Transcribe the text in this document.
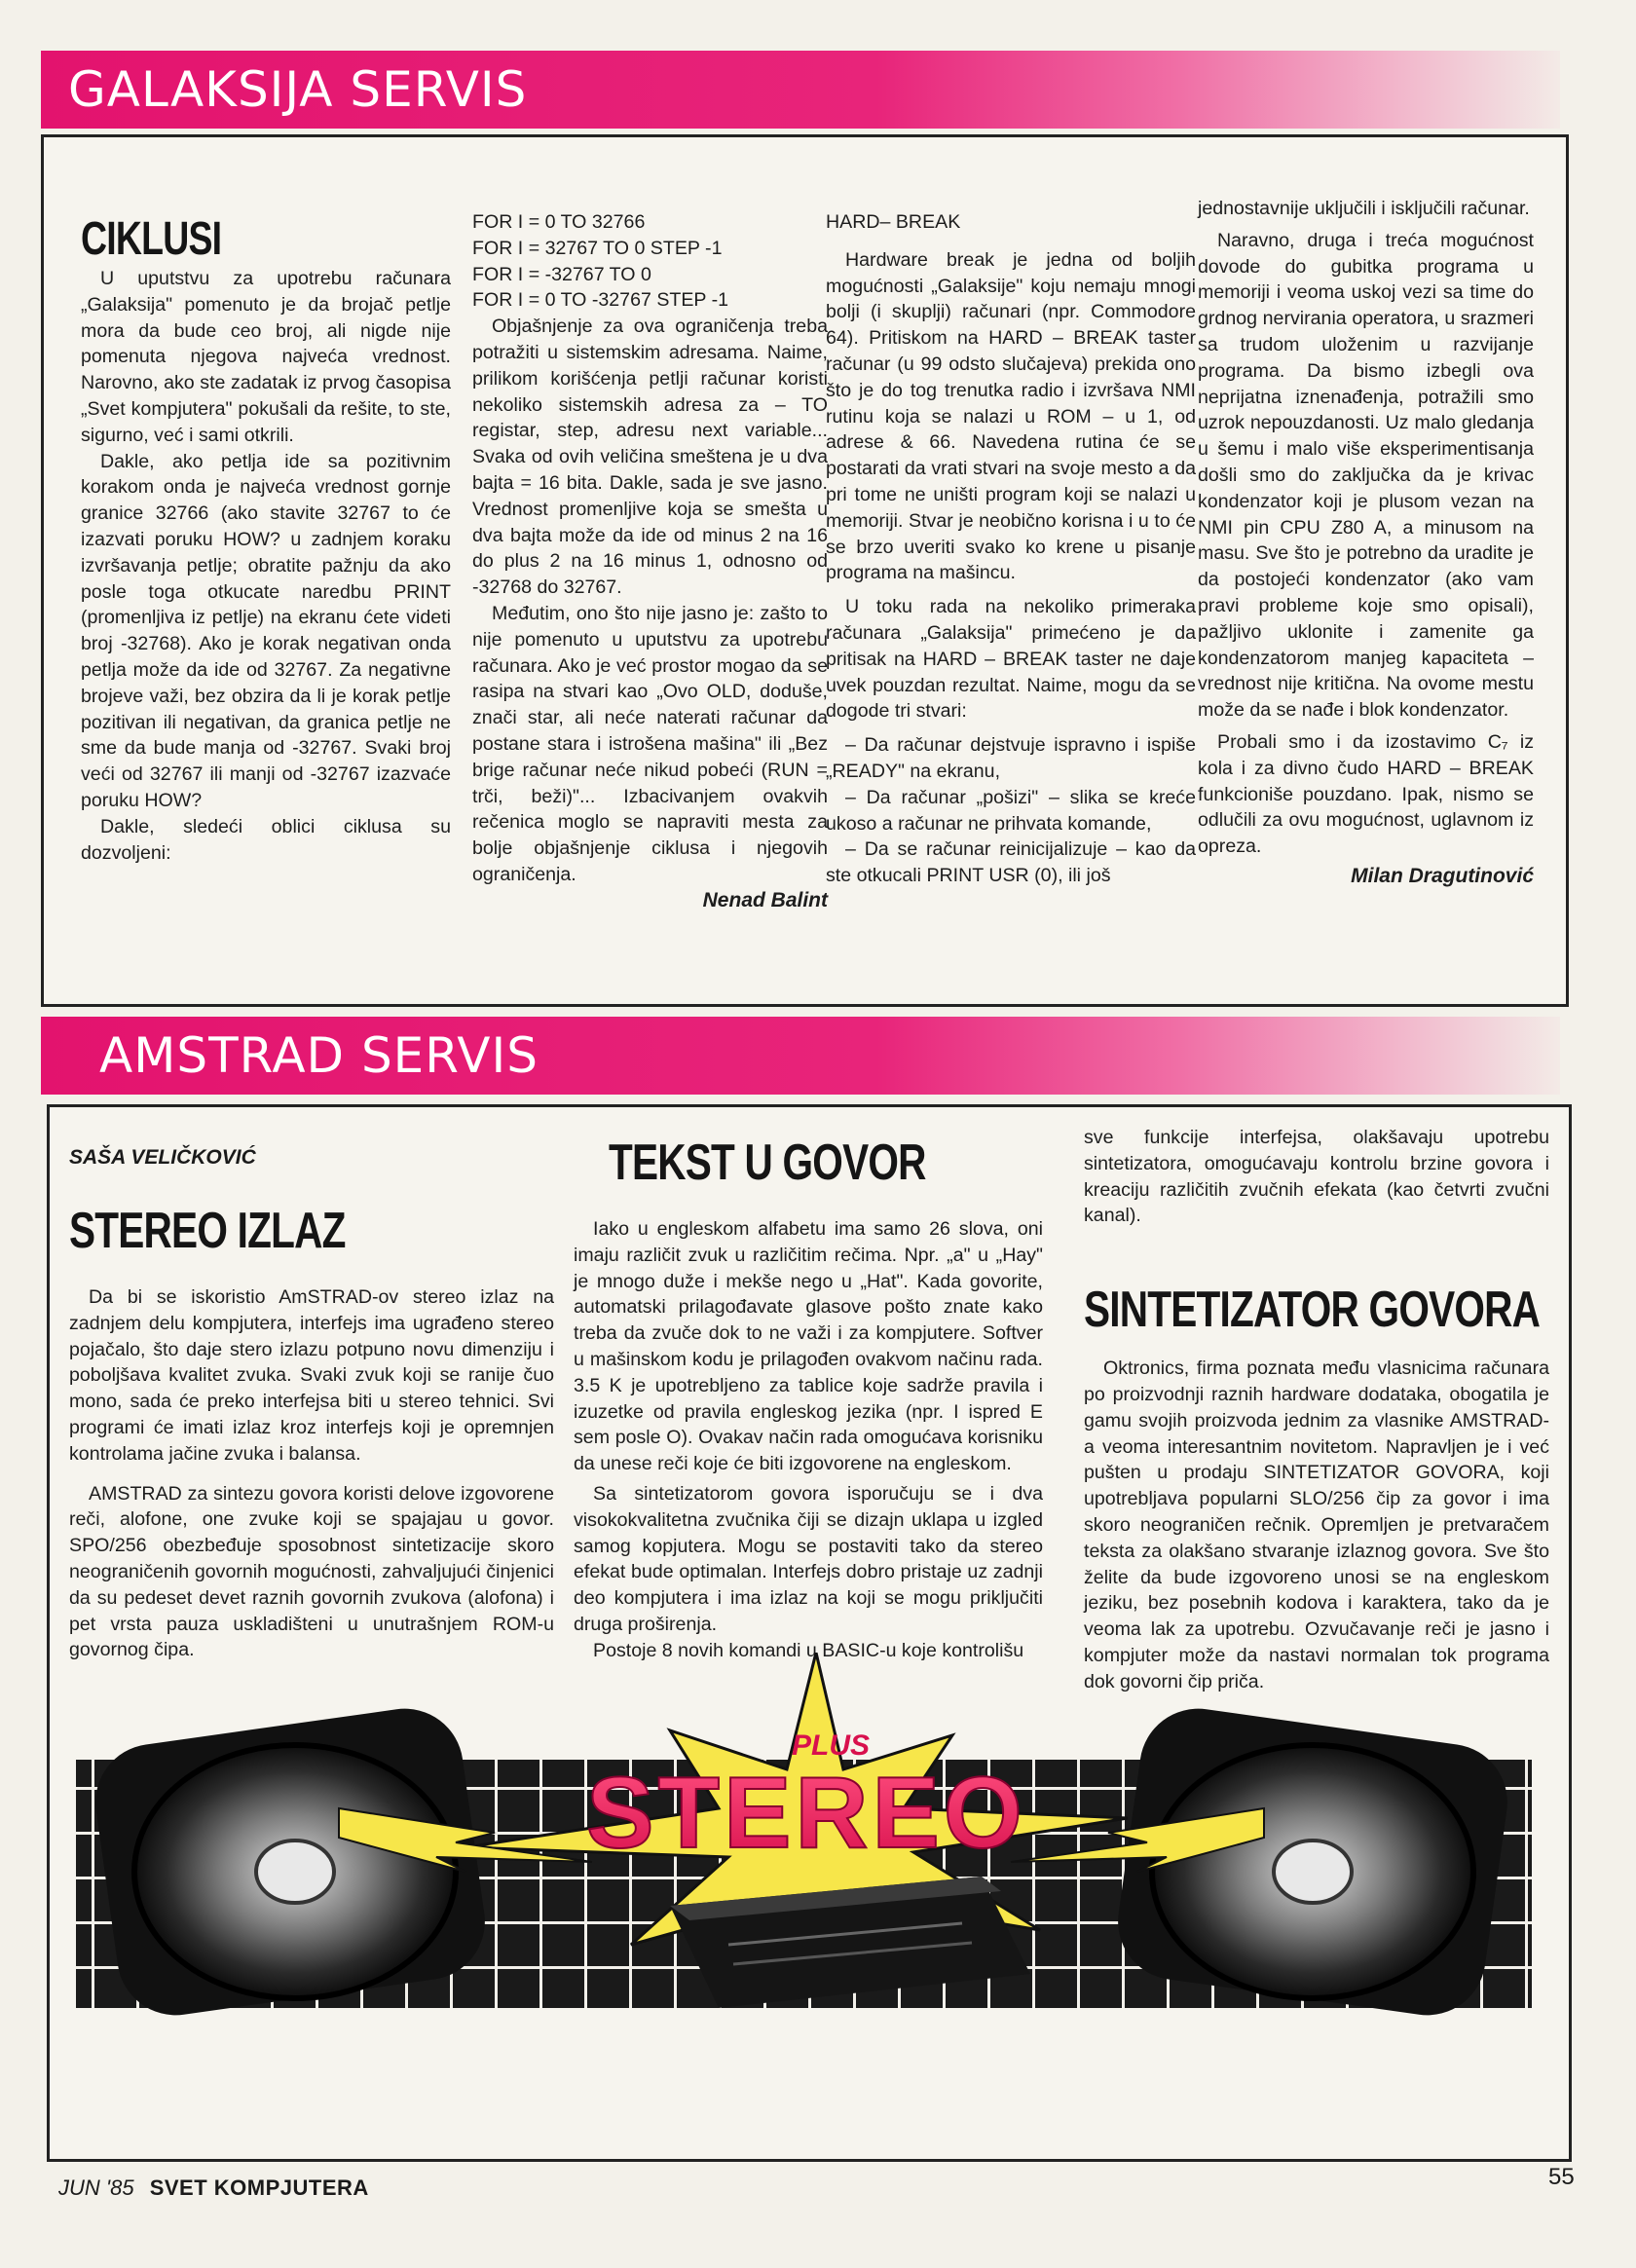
GALAKSIJA SERVIS
CIKLUSI

U uputstvu za upotrebu računara „Galaksija" pomenuto je da brojač petlje mora da bude ceo broj, ali nigde nije pomenuta njegova najveća vrednost. Narovno, ako ste zadatak iz prvog časopisa „Svet kompjutera" pokušali da rešite, to ste, sigurno, već i sami otkrili.

Dakle, ako petlja ide sa pozitivnim korakom onda je najveća vrednost gornje granice 32766 (ako stavite 32767 to će izazvati poruku HOW? u zadnjem koraku izvršavanja petlje; obratite pažnju da ako posle toga otkucate naredbu PRINT (promenljiva iz petlje) na ekranu ćete videti broj -32768). Ako je korak negativan onda petlja može da ide od 32767. Za negativne brojeve važi, bez obzira da li je korak petlje pozitivan ili negativan, da granica petlje ne sme da bude manja od -32767. Svaki broj veći od 32767 ili manji od -32767 izazvaće poruku HOW?

Dakle, sledeći oblici ciklusa su dozvoljeni:

FOR I = 0 TO 32766
FOR I = 32767 TO 0 STEP -1
FOR I = -32767 TO 0
FOR I = 0 TO -32767 STEP -1

Objašnjenje za ova ograničenja treba potražiti u sistemskim adresama. Naime, prilikom korišćenja petlji računar koristi nekoliko sistemskih adresa za – TO registar, step, adresu next variable... Svaka od ovih veličina smeštena je u dva bajta = 16 bita. Dakle, sada je sve jasno. Vrednost promenljive koja se smešta u dva bajta može da ide od minus 2 na 16 do plus 2 na 16 minus 1, odnosno od -32768 do 32767.

Međutim, ono što nije jasno je: zašto to nije pomenuto u uputstvu za upotrebu računara. Ako je već prostor mogao da se rasipa na stvari kao „Ovo OLD, doduše, znači star, ali neće naterati računar da postane stara i istrošena mašina" ili „Bez brige računar neće nikud pobeći (RUN = trči, beži)"... Izbacivanjem ovakvih rečenica moglo se napraviti mesta za bolje objašnjenje ciklusa i njegovih ograničenja.

Nenad Balint
HARD– BREAK

Hardware break je jedna od boljih mogućnosti „Galaksije" koju nemaju mnogi bolji (i skuplji) računari (npr. Commodore 64). Pritiskom na HARD – BREAK taster računar (u 99 odsto slučajeva) prekida ono što je do tog trenutka radio i izvršava NMI rutinu koja se nalazi u ROM – u 1, od adrese & 66. Navedena rutina će se postarati da vrati stvari na svoje mesto a da pri tome ne uništi program koji se nalazi u memoriji. Stvar je neobično korisna i u to će se brzo uveriti svako ko krene u pisanje programa na mašincu.

U toku rada na nekoliko primeraka računara „Galaksija" primećeno je da pritisak na HARD – BREAK taster ne daje uvek pouzdan rezultat. Naime, mogu da se dogode tri stvari:

– Da računar dejstvuje ispravno i ispiše „READY" na ekranu,

– Da računar „pošizi" – slika se kreće ukoso a računar ne prihvata komande,

– Da se računar reinicijalizuje – kao da ste otkucali PRINT USR (0), ili još

jednostavnije uključili i isključili računar.

Naravno, druga i treća mogućnost dovode do gubitka programa u memoriji i veoma uskoj vezi sa time do grdnog nervirania operatora, u srazmeri sa trudom uloženim u razvijanje programa. Da bismo izbegli ova neprijatna iznenađenja, potražili smo uzrok nepouzdanosti. Uz malo gledanja u šemu i malo više eksperimentisanja došli smo do zaključka da je krivac kondenzator koji je plusom vezan na NMI pin CPU Z80 A, a minusom na masu. Sve što je potrebno da uradite je da postojeći kondenzator (ako vam pravi probleme koje smo opisali), pažljivo uklonite i zamenite ga kondenzatorom manjeg kapaciteta – vrednost nije kritična. Na ovome mestu može da se nađe i blok kondenzator.

Probali smo i da izostavimo C₇ iz kola i za divno čudo HARD – BREAK funkcioniše pouzdano. Ipak, nismo se odlučili za ovu mogućnost, uglavnom iz opreza.

Milan Dragutinović
AMSTRAD SERVIS
SAŠA VELIČKOVIĆ
STEREO IZLAZ

Da bi se iskoristio AmSTRAD-ov stereo izlaz na zadnjem delu kompjutera, interfejs ima ugrađeno stereo pojačalo, što daje stero izlazu potpuno novu dimenziju i poboljšava kvalitet zvuka. Svaki zvuk koji se ranije čuo mono, sada će preko interfejsa biti u stereo tehnici. Svi programi će imati izlaz kroz interfejs koji je opremnjen kontrolama jačine zvuka i balansa.

AMSTRAD za sintezu govora koristi delove izgovorene reči, alofone, one zvuke koji se spajajau u govor. SPO/256 obezbeđuje sposobnost sintetizacije skoro neograničenih govornih mogućnosti, zahvaljujući činjenici da su pedeset devet raznih govornih zvukova (alofona) i pet vrsta pauza uskladišteni u unutrašnjem ROM-u govornog čipa.

TEKST U GOVOR

Iako u engleskom alfabetu ima samo 26 slova, oni imaju različit zvuk u različitim rečima. Npr. „a" u „Hay" je mnogo duže i mekše nego u „Hat". Kada govorite, automatski prilagođavate glasove pošto znate kako treba da zvuče dok to ne važi i za kompjutere. Softver u mašinskom kodu je prilagođen ovakvom načinu rada. 3.5 K je upotrebljeno za tablice koje sadrže pravila i izuzetke od pravila engleskog jezika (npr. I ispred E sem posle O). Ovakav način rada omogućava korisniku da unese reči koje će biti izgovorene na engleskom.

Sa sintetizatorom govora isporučuju se i dva visokokvalitetna zvučnika čiji se dizajn uklapa u izgled samog kopjutera. Mogu se postaviti tako da stereo efekat bude optimalan. Interfejs dobro pristaje uz zadnji deo kompjutera i ima izlaz na koji se mogu priključiti druga proširenja.

Postoje 8 novih komandi u BASIC-u koje kontrolišu

sve funkcije interfejsa, olakšavaju upotrebu sintetizatora, omogućavaju kontrolu brzine govora i kreaciju različitih zvučnih efekata (kao četvrti zvučni kanal).

SINTETIZATOR GOVORA

Oktronics, firma poznata među vlasnicima računara po proizvodnji raznih hardware dodataka, obogatila je gamu svojih proizvoda jednim za vlasnike AMSTRAD-a veoma interesantnim novitetom. Napravljen je i već pušten u prodaju SINTETIZATOR GOVORA, koji upotrebljava popularni SLO/256 čip za govor i ima skoro neograničen rečnik. Opremljen je pretvaračem teksta za olakšano stvaranje izlaznog govora. Sve što želite da bude izgovoreno unosi se na engleskom jeziku, bez posebnih kodova i karaktera, tako da je veoma lak za upotrebu. Ozvučavanje reči je jasno i kompjuter može da nastavi normalan tok programa dok govorni čip priča.

PLUS
STEREO
JUN '85 SVET KOMPJUTERA	55
